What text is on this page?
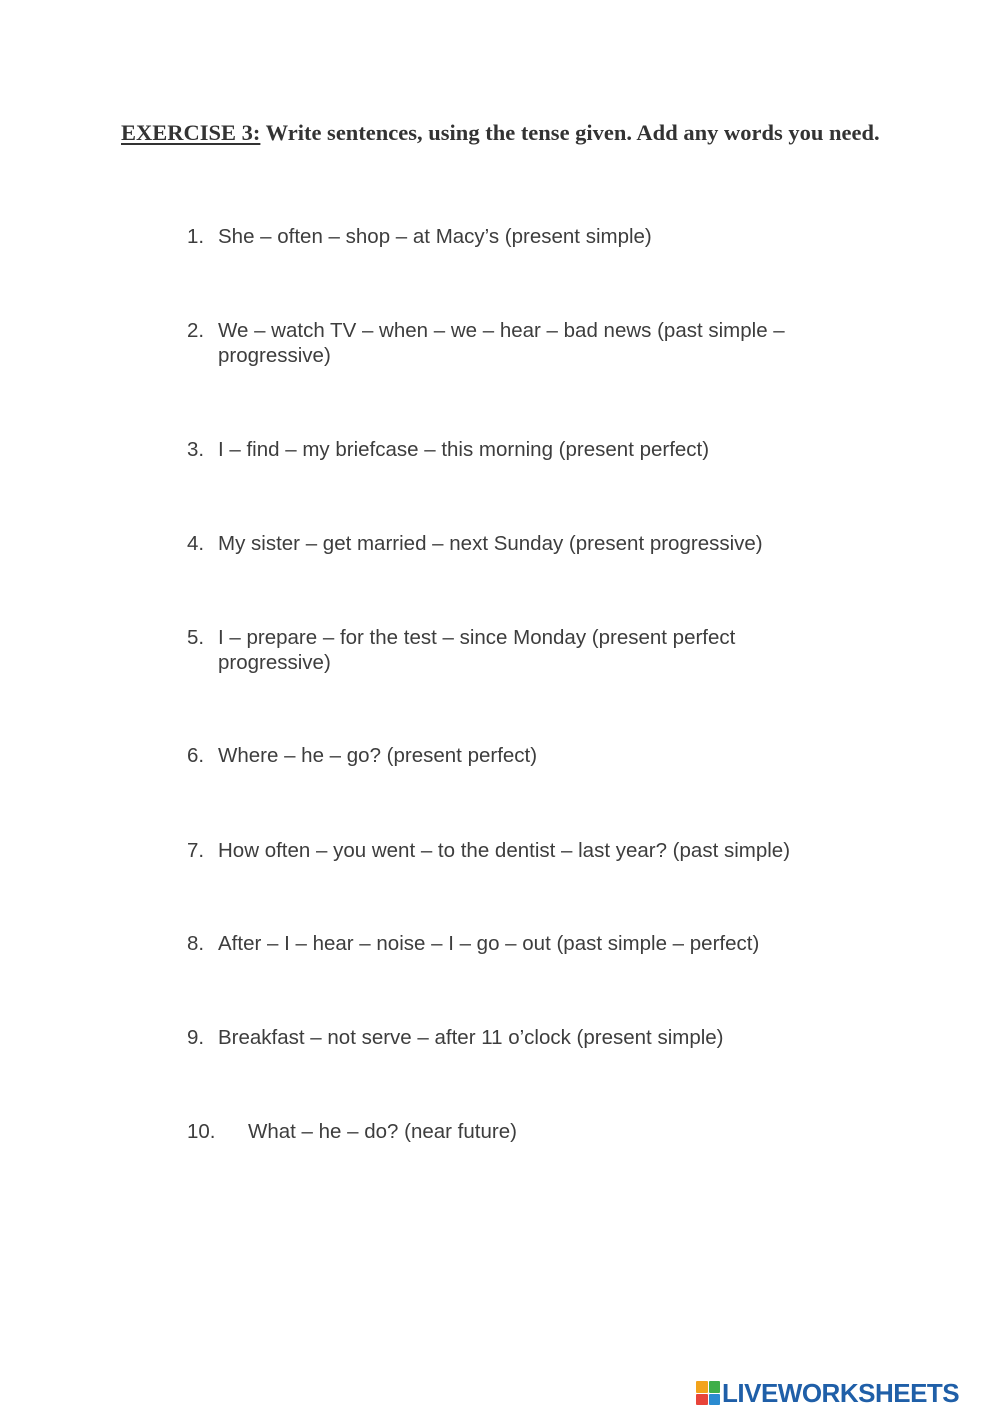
EXERCISE 3: Write sentences, using the tense given. Add any words you need.
1. She – often – shop – at Macy’s (present simple)
2. We – watch TV – when – we – hear – bad news (past simple – progressive)
3. I – find – my briefcase – this morning (present perfect)
4. My sister – get married – next Sunday (present progressive)
5. I – prepare – for the test – since Monday (present perfect progressive)
6. Where – he – go? (present perfect)
7. How often – you went – to the dentist – last year? (past simple)
8. After – I – hear – noise – I – go – out (past simple – perfect)
9. Breakfast – not serve – after 11 o’clock (present simple)
10. What – he – do? (near future)
LIVEWORKSHEETS
